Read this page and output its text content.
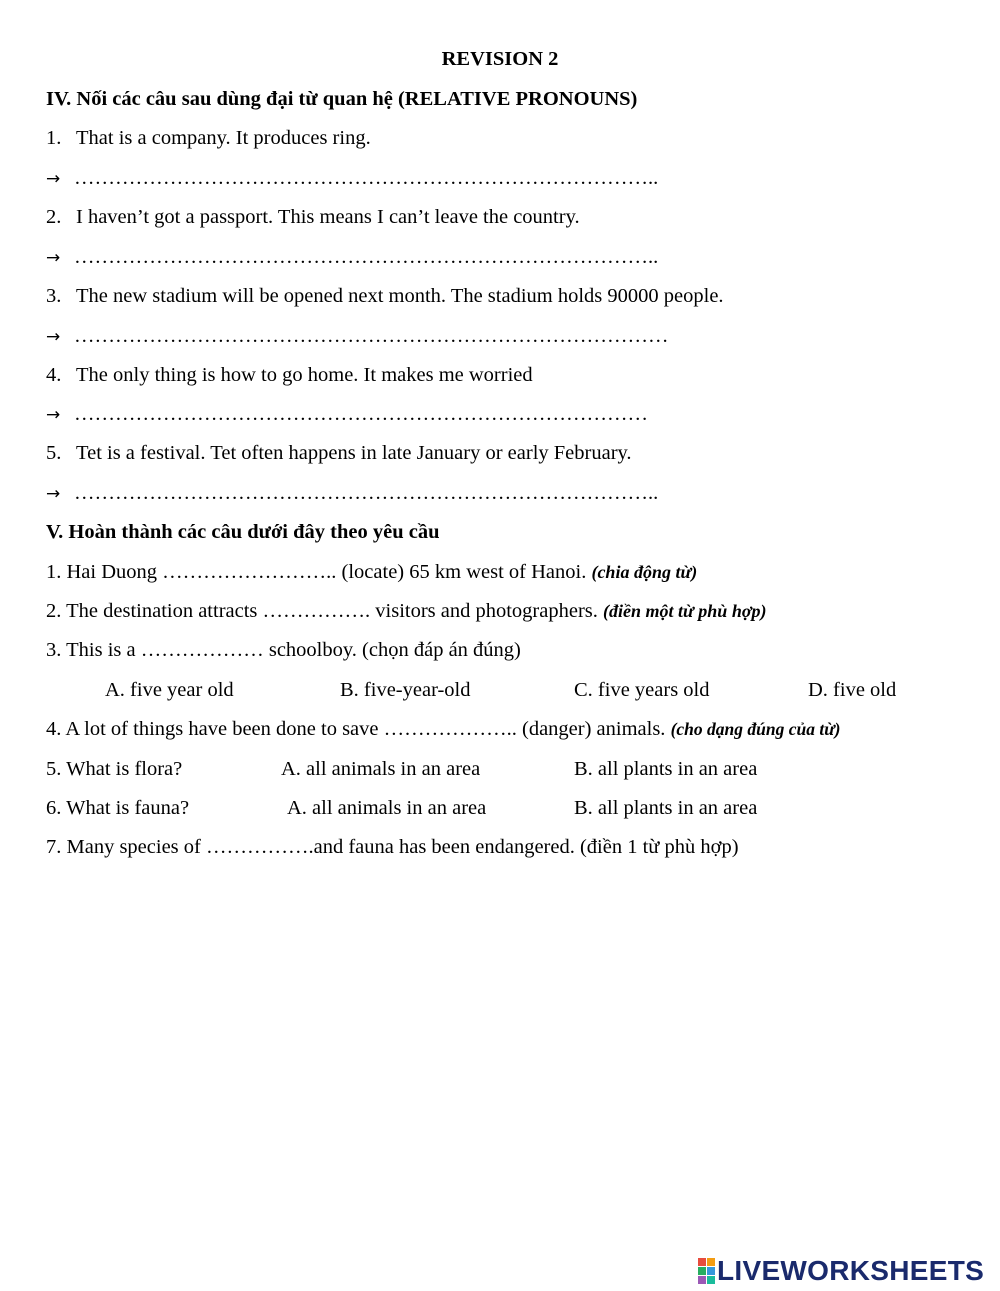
REVISION 2
IV. Nối các câu sau dùng đại từ quan hệ (RELATIVE PRONOUNS)
1. That is a company. It produces ring.
→ …………………………………………………………………………..
2. I haven’t got a passport. This means I can’t leave the country.
→ …………………………………………………………………………..
3. The new stadium will be opened next month. The stadium holds 90000 people.
→ ……………………………………………………………………………
4. The only thing is how to go home. It makes me worried
→ …………………………………………………………………………
5. Tet is a festival. Tet often happens in late January or early February.
→ …………………………………………………………………………..
V. Hoàn thành các câu dưới đây theo yêu cầu
1. Hai Duong …………………….. (locate) 65 km west of Hanoi. (chia động từ)
2. The destination attracts ……………. visitors and photographers. (điền một từ phù hợp)
3. This is a ……………… schoolboy. (chọn đáp án đúng)
A. five year old	B. five-year-old	C. five years old	D. five old
4. A lot of things have been done to save ……………….. (danger) animals. (cho dạng đúng của từ)
5. What is flora?	A. all animals in an area	B. all plants in an area
6. What is fauna?	A. all animals in an area	B. all plants in an area
7. Many species of …………….and fauna has been endangered. (điền 1 từ phù hợp)
LIVEWORKSHEETS
